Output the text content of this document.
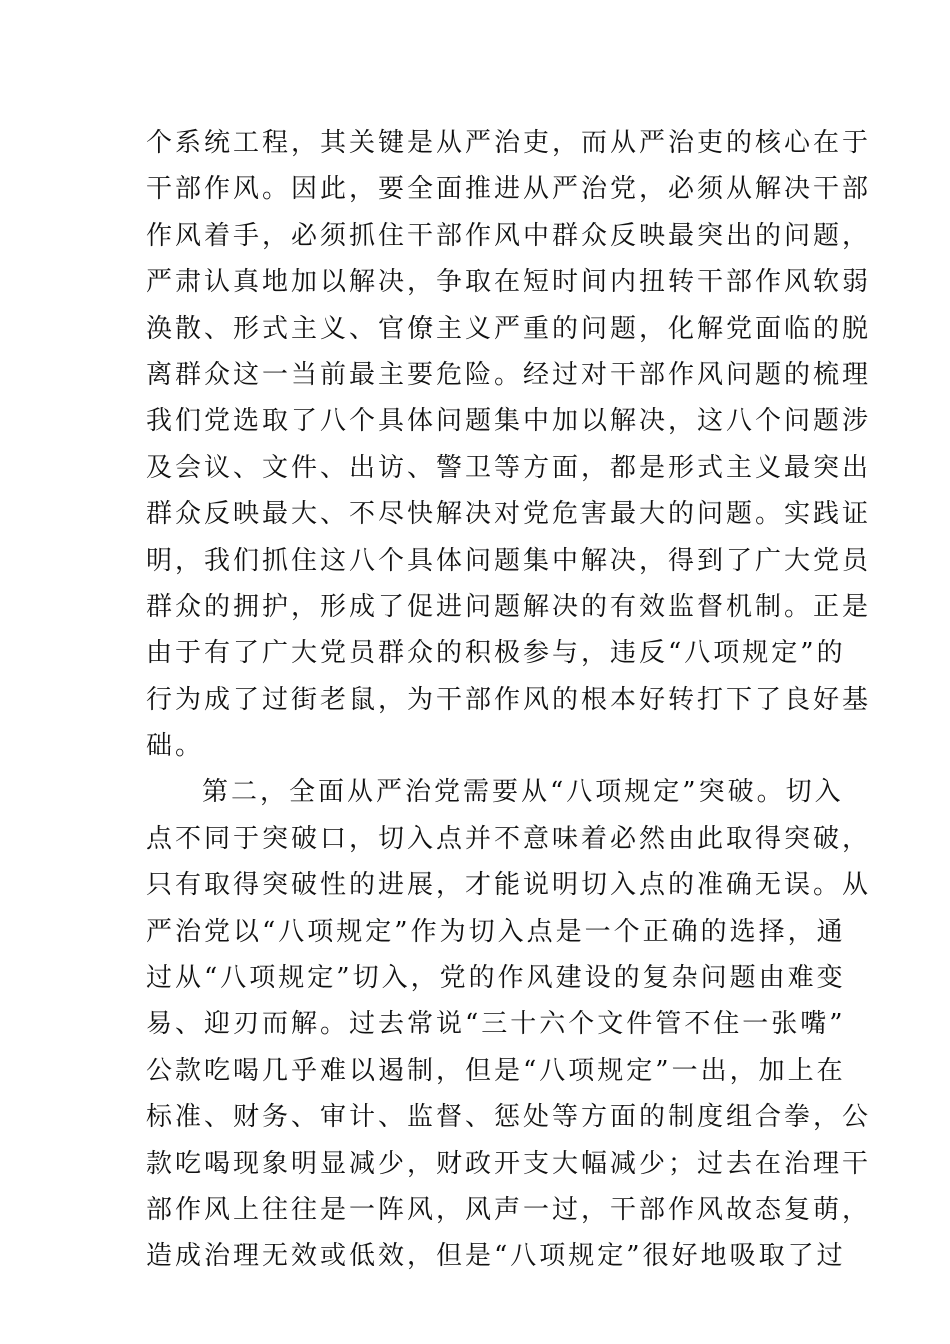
个系统工程，其关键是从严治吏，而从严治吏的核心在于
干部作风。因此，要全面推进从严治党，必须从解决干部
作风着手，必须抓住干部作风中群众反映最突出的问题，
严肃认真地加以解决，争取在短时间内扭转干部作风软弱
涣散、形式主义、官僚主义严重的问题，化解党面临的脱
离群众这一当前最主要危险。经过对干部作风问题的梳理
我们党选取了八个具体问题集中加以解决，这八个问题涉
及会议、文件、出访、警卫等方面，都是形式主义最突出
群众反映最大、不尽快解决对党危害最大的问题。实践证
明，我们抓住这八个具体问题集中解决，得到了广大党员
群众的拥护，形成了促进问题解决的有效监督机制。正是
由于有了广大党员群众的积极参与，违反“八项规定”的
行为成了过街老鼠，为干部作风的根本好转打下了良好基
础。
第二，全面从严治党需要从“八项规定”突破。切入
点不同于突破口，切入点并不意味着必然由此取得突破，
只有取得突破性的进展，才能说明切入点的准确无误。从
严治党以“八项规定”作为切入点是一个正确的选择，通
过从“八项规定”切入，党的作风建设的复杂问题由难变
易、迎刃而解。过去常说“三十六个文件管不住一张嘴”
公款吃喝几乎难以遏制，但是“八项规定”一出，加上在
标准、财务、审计、监督、惩处等方面的制度组合拳，公
款吃喝现象明显减少，财政开支大幅减少；过去在治理干
部作风上往往是一阵风，风声一过，干部作风故态复萌，
造成治理无效或低效，但是“八项规定”很好地吸取了过
